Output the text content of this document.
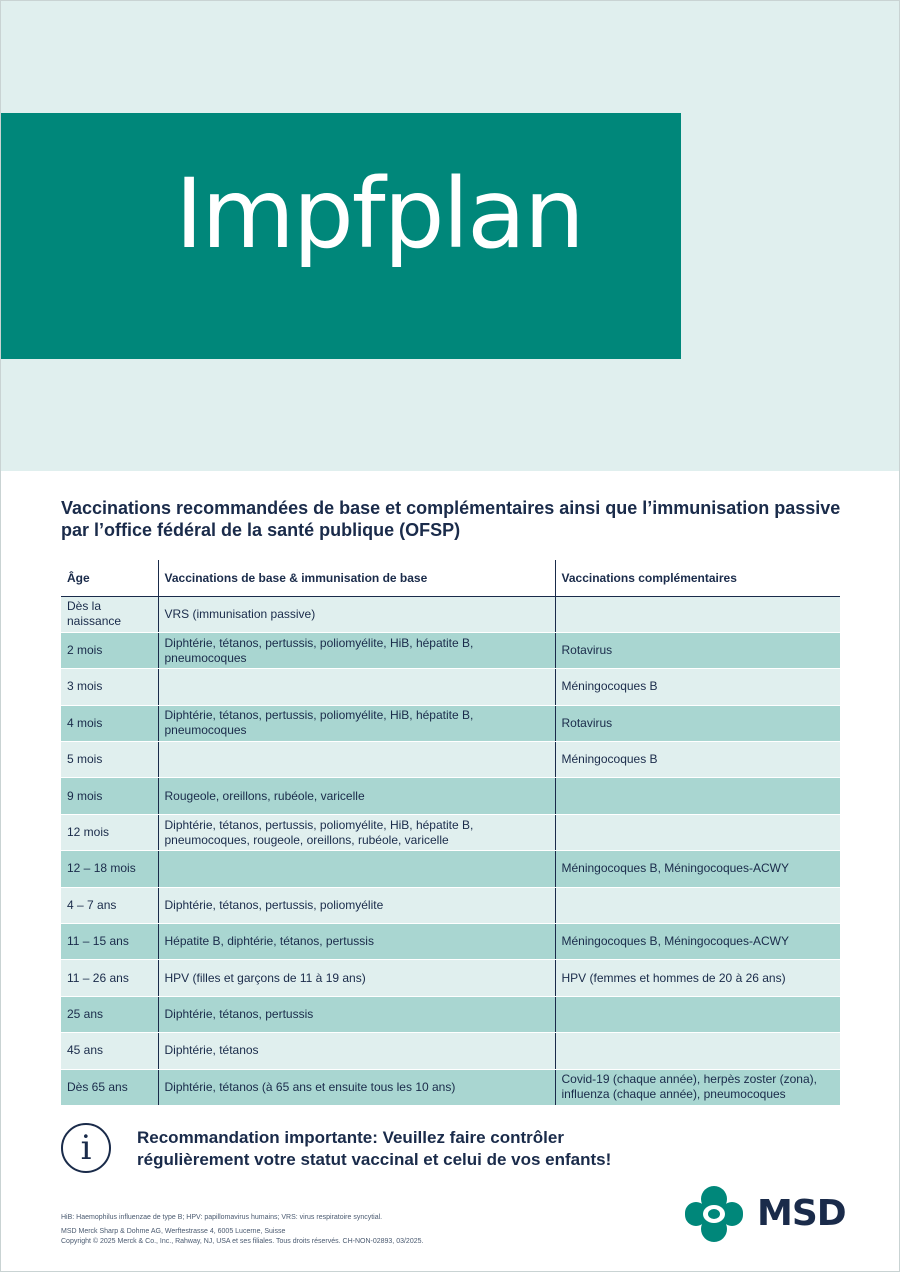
Impfplan
Vaccinations recommandées de base et complémentaires ainsi que l’immunisation passive
par l’office fédéral de la santé publique (OFSP)
Âge	Vaccinations de base & immunisation de base	Vaccinations complémentaires
Dès la naissance	VRS (immunisation passive)	
2 mois	Diphtérie, tétanos, pertussis, poliomyélite, HiB, hépatite B, pneumocoques	Rotavirus
3 mois		Méningocoques B
4 mois	Diphtérie, tétanos, pertussis, poliomyélite, HiB, hépatite B, pneumocoques	Rotavirus
5 mois		Méningocoques B
9 mois	Rougeole, oreillons, rubéole, varicelle	
12 mois	Diphtérie, tétanos, pertussis, poliomyélite, HiB, hépatite B, pneumocoques, rougeole, oreillons, rubéole, varicelle	
12 – 18 mois		Méningocoques B, Méningocoques-ACWY
4 – 7 ans	Diphtérie, tétanos, pertussis, poliomyélite	
11 – 15 ans	Hépatite B, diphtérie, tétanos, pertussis	Méningocoques B, Méningocoques-ACWY
11 – 26 ans	HPV (filles et garçons de 11 à 19 ans)	HPV (femmes et hommes de 20 à 26 ans)
25 ans	Diphtérie, tétanos, pertussis	
45 ans	Diphtérie, tétanos	
Dès 65 ans	Diphtérie, tétanos (à 65 ans et ensuite tous les 10 ans)	Covid-19 (chaque année), herpès zoster (zona), influenza (chaque année), pneumocoques
i	Recommandation importante: Veuillez faire contrôler
régulièrement votre statut vaccinal et celui de vos enfants!
HiB: Haemophilus influenzae de type B; HPV: papillomavirus humains; VRS: virus respiratoire syncytial.
MSD Merck Sharp & Dohme AG, Werftestrasse 4, 6005 Lucerne, Suisse
Copyright © 2025 Merck & Co., Inc., Rahway, NJ, USA et ses filiales. Tous droits réservés. CH-NON-02893, 03/2025.
MSD
